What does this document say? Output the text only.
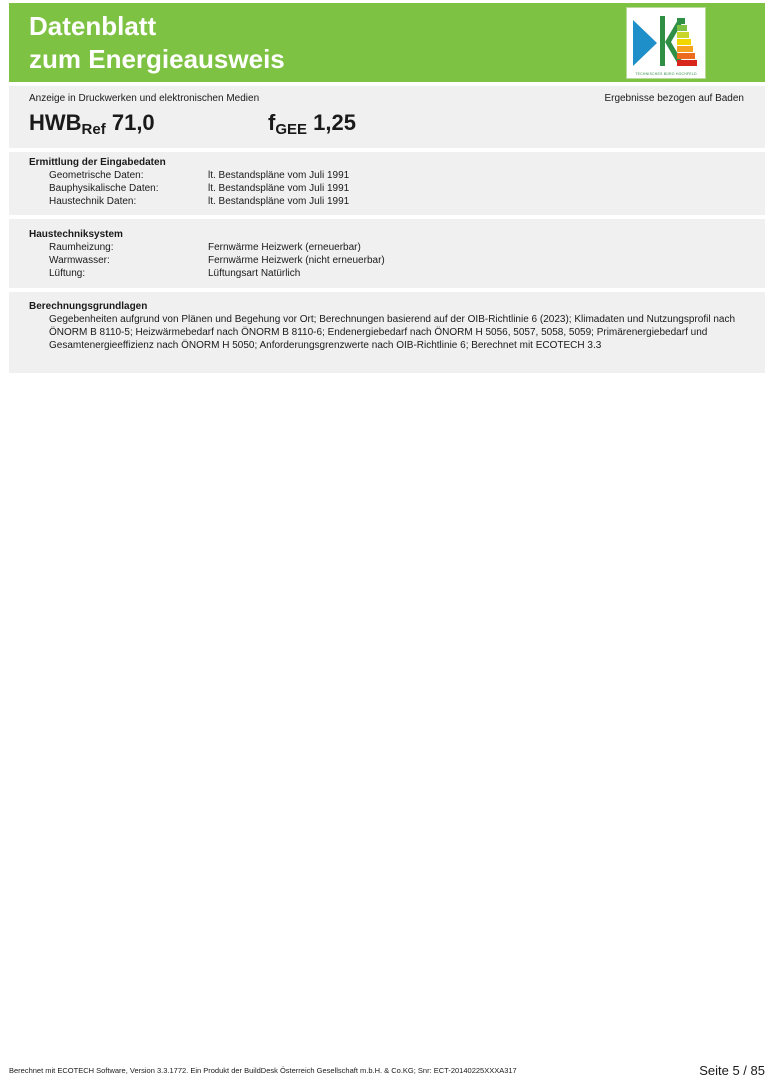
Datenblatt
zum Energieausweis	TECHNISCHES BÜRO HOCHFELD
Anzeige in Druckwerken und elektronischen Medien	Ergebnisse bezogen auf Baden
HWBRef 71,0	fGEE 1,25
Ermittlung der Eingabedaten
Geometrische Daten:	lt. Bestandspläne vom Juli 1991
Bauphysikalische Daten:	lt. Bestandspläne vom Juli 1991
Haustechnik Daten:	lt. Bestandspläne vom Juli 1991
Haustechniksystem
Raumheizung:	Fernwärme Heizwerk (erneuerbar)
Warmwasser:	Fernwärme Heizwerk (nicht erneuerbar)
Lüftung:	Lüftungsart Natürlich
Berechnungsgrundlagen
Gegebenheiten aufgrund von Plänen und Begehung vor Ort; Berechnungen basierend auf der OIB-Richtlinie 6 (2023); Klimadaten und Nutzungsprofil nach ÖNORM B 8110-5; Heizwärmebedarf nach ÖNORM B 8110-6; Endenergiebedarf nach ÖNORM H 5056, 5057, 5058, 5059; Primärenergiebedarf und Gesamtenergieeffizienz nach ÖNORM H 5050; Anforderungsgrenzwerte nach OIB-Richtlinie 6; Berechnet mit ECOTECH 3.3
Berechnet mit ECOTECH Software, Version 3.3.1772. Ein Produkt der BuildDesk Österreich Gesellschaft m.b.H. & Co.KG; Snr: ECT-20140225XXXA317	Seite 5 / 85
